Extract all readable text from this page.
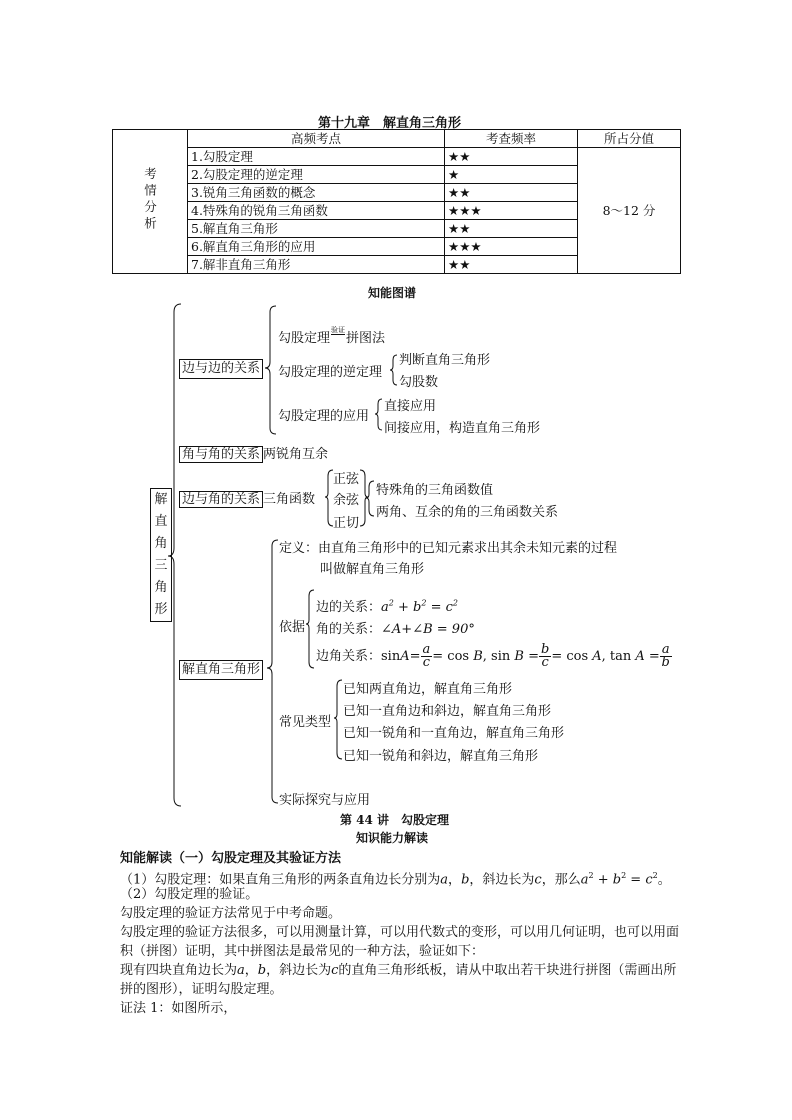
第十九章　解直角三角形
考情分析	高频考点	考查频率	所占分值
	1.勾股定理	★★	8～12 分
	2.勾股定理的逆定理	★	
	3.锐角三角函数的概念	★★	
	4.特殊角的锐角三角函数	★★★	
	5.解直角三角形	★★	
	6.解直角三角形的应用	★★★	
	7.解非直角三角形	★★	
知能图谱
解直角三角形
边与边的关系
勾股定理
验证
拼图法
勾股定理的逆定理
判断直角三角形
勾股数
勾股定理的应用
直接应用
间接应用，构造直角三角形
角与角的关系 两锐角互余
边与角的关系 三角函数
正弦
余弦
正切
特殊角的三角函数值
两角、互余的角的三角函数关系
解直角三角形
定义：由直角三角形中的已知元素求出其余未知元素的过程
叫做解直角三角形
依据
边的关系：$a^2 + b^2 = c^2$
角的关系：∠A+∠B = 90°
边角关系：$\sin A= \frac{a}{c} = \cos B$, $\sin B = \frac{b}{c} = \cos A$, $\tan A = \frac{a}{b}$
常见类型
已知两直角边，解直角三角形
已知一直角边和斜边，解直角三角形
已知一锐角和一直角边，解直角三角形
已知一锐角和斜边，解直角三角形
实际探究与应用
第 44 讲　勾股定理
知识能力解读
知能解读（一）勾股定理及其验证方法
（1）勾股定理：如果直角三角形的两条直角边长分别为a，b，斜边长为c，那么$a^2 + b^2 = c^2$。
（2）勾股定理的验证。
勾股定理的验证方法常见于中考命题。
勾股定理的验证方法很多，可以用测量计算，可以用代数式的变形，可以用几何证明，也可以用面积（拼图）证明，其中拼图法是最常见的一种方法，验证如下：
现有四块直角边长为a，b，斜边长为c的直角三角形纸板，请从中取出若干块进行拼图（需画出所拼的图形），证明勾股定理。
证法 1：如图所示，
